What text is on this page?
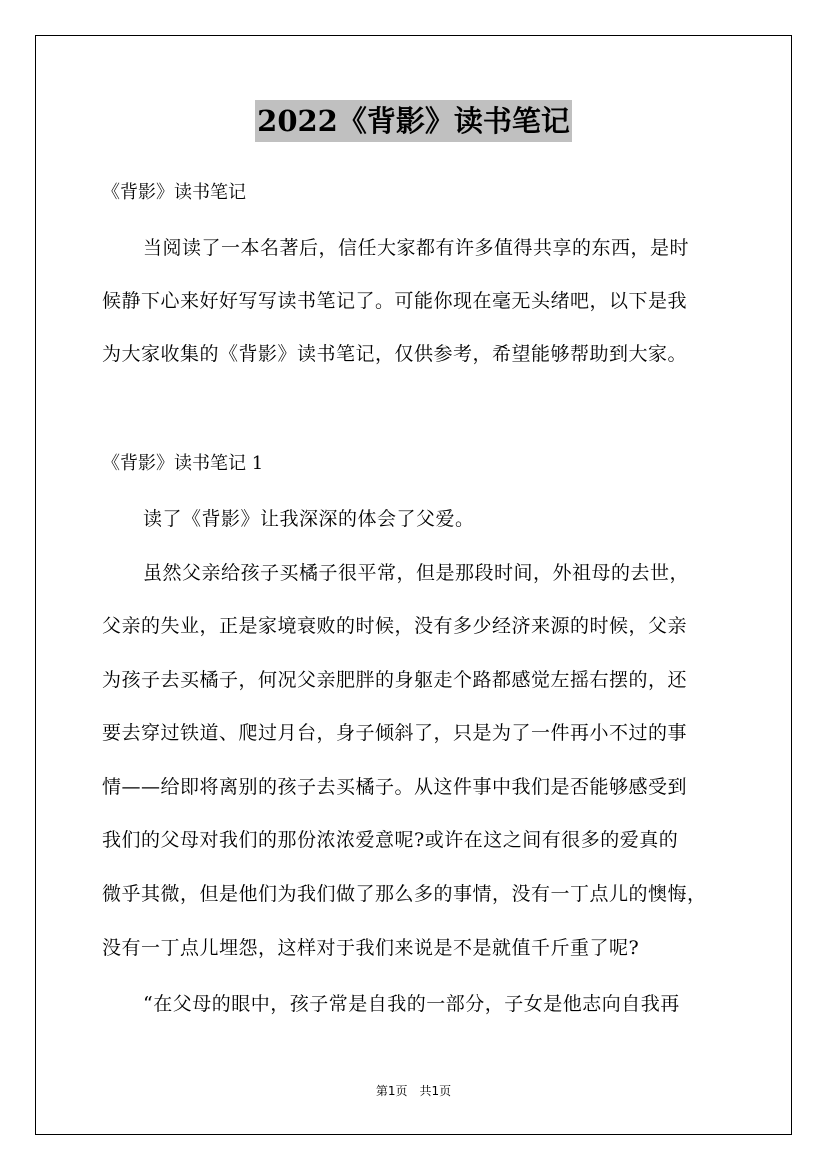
2022《背影》读书笔记
《背影》读书笔记
当阅读了一本名著后，信任大家都有许多值得共享的东西，是时
候静下心来好好写写读书笔记了。可能你现在毫无头绪吧，以下是我
为大家收集的《背影》读书笔记，仅供参考，希望能够帮助到大家。
《背影》读书笔记 1
读了《背影》让我深深的体会了父爱。
虽然父亲给孩子买橘子很平常，但是那段时间，外祖母的去世，
父亲的失业，正是家境衰败的时候，没有多少经济来源的时候，父亲
为孩子去买橘子，何况父亲肥胖的身躯走个路都感觉左摇右摆的，还
要去穿过铁道、爬过月台，身子倾斜了，只是为了一件再小不过的事
情——给即将离别的孩子去买橘子。从这件事中我们是否能够感受到
我们的父母对我们的那份浓浓爱意呢?或许在这之间有很多的爱真的
微乎其微，但是他们为我们做了那么多的事情，没有一丁点儿的懊悔，
没有一丁点儿埋怨，这样对于我们来说是不是就值千斤重了呢?
“在父母的眼中，孩子常是自我的一部分，子女是他志向自我再
第1页　共1页
